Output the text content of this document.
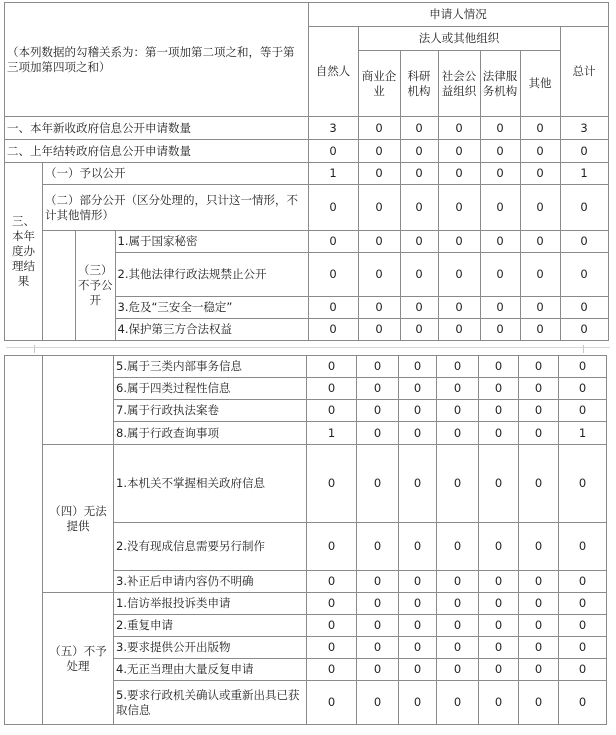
（本列数据的勾稽关系为：第一项加第二项之和，等于第三项加第四项之和）				申请人情况						
				自然人	法人或其他组织					总计
					商业企业	科研机构	社会公益组织	法律服务机构	其他	
一、本年新收政府信息公开申请数量				3	0	0	0	0	0	3
二、上年结转政府信息公开申请数量				0	0	0	0	0	0	0
三、本年度办理结果	（一）予以公开			1	0	0	0	0	0	1
	（二）部分公开（区分处理的，只计这一情形，不计其他情形）			0	0	0	0	0	0	0
		（三）不予公开	1.属于国家秘密	0	0	0	0	0	0	0
			2.其他法律行政法规禁止公开	0	0	0	0	0	0	0
			3.危及“三安全一稳定”	0	0	0	0	0	0	0
			4.保护第三方合法权益	0	0	0	0	0	0	0
		5.属于三类内部事务信息	0	0	0	0	0	0	0
		6.属于四类过程性信息	0	0	0	0	0	0	0
		7.属于行政执法案卷	0	0	0	0	0	0	0
		8.属于行政查询事项	1	0	0	0	0	0	1
	（四）无法提供	1.本机关不掌握相关政府信息	0	0	0	0	0	0	0
		2.没有现成信息需要另行制作	0	0	0	0	0	0	0
		3.补正后申请内容仍不明确	0	0	0	0	0	0	0
	（五）不予处理	1.信访举报投诉类申请	0	0	0	0	0	0	0
		2.重复申请	0	0	0	0	0	0	0
		3.要求提供公开出版物	0	0	0	0	0	0	0
		4.无正当理由大量反复申请	0	0	0	0	0	0	0
		5.要求行政机关确认或重新出具已获取信息	0	0	0	0	0	0	0
